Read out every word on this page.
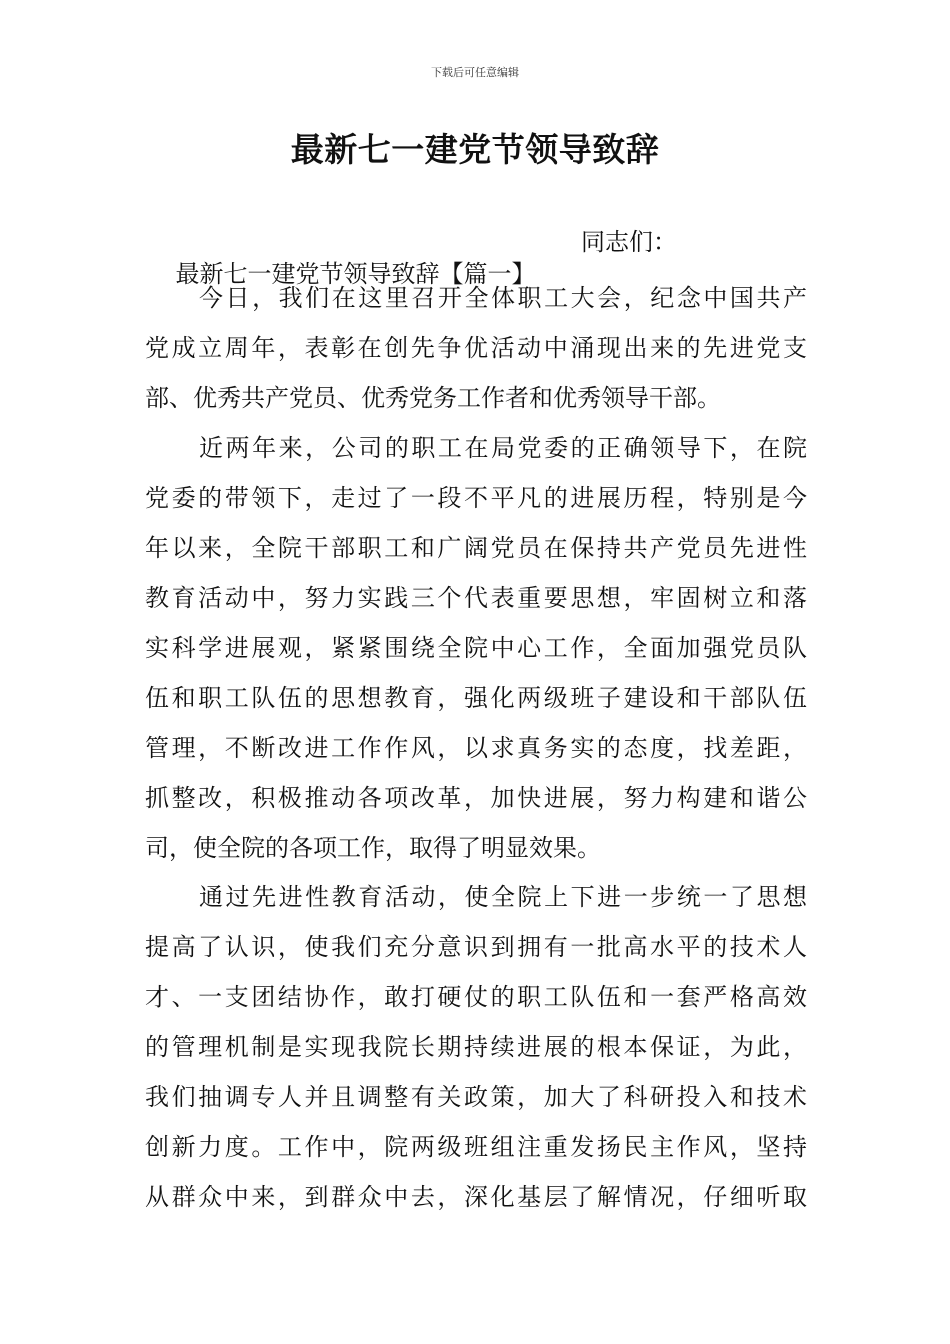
下载后可任意编辑
最新七一建党节领导致辞

最新七一建党节领导致辞【篇一】

同志们：

今日，我们在这里召开全体职工大会，纪念中国共产
党成立周年，表彰在创先争优活动中涌现出来的先进党支
部、优秀共产党员、优秀党务工作者和优秀领导干部。
近两年来，公司的职工在局党委的正确领导下，在院
党委的带领下，走过了一段不平凡的进展历程，特别是今
年以来，全院干部职工和广阔党员在保持共产党员先进性
教育活动中，努力实践三个代表重要思想，牢固树立和落
实科学进展观，紧紧围绕全院中心工作，全面加强党员队
伍和职工队伍的思想教育，强化两级班子建设和干部队伍
管理，不断改进工作作风，以求真务实的态度，找差距，
抓整改，积极推动各项改革，加快进展，努力构建和谐公
司，使全院的各项工作，取得了明显效果。
通过先进性教育活动，使全院上下进一步统一了思想
提高了认识，使我们充分意识到拥有一批高水平的技术人
才、一支团结协作，敢打硬仗的职工队伍和一套严格高效
的管理机制是实现我院长期持续进展的根本保证，为此，
我们抽调专人并且调整有关政策，加大了科研投入和技术
创新力度。工作中，院两级班组注重发扬民主作风，坚持
从群众中来，到群众中去，深化基层了解情况，仔细听取
